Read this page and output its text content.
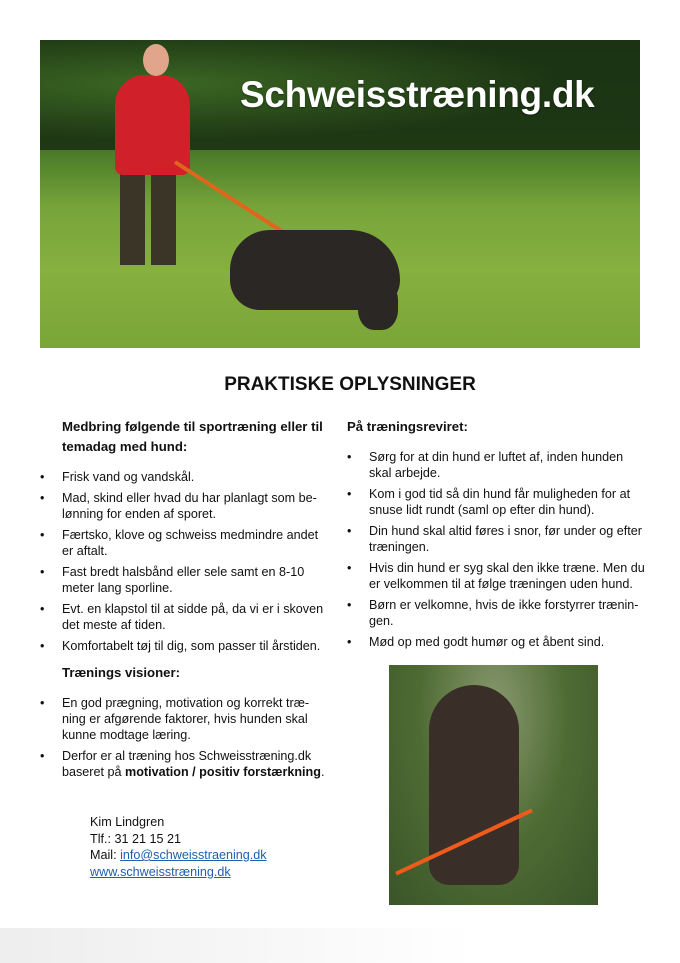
Schweisstræning.dk
PRAKTISKE OPLYSNINGER
Medbring følgende til sportræning eller til temadag med hund:
• Frisk vand og vandskål.
• Mad, skind eller hvad du har planlagt som be-
lønning for enden af sporet.
• Færtsko, klove og schweiss medmindre andet
er aftalt.
• Fast bredt halsbånd eller sele samt en 8-10
meter lang sporline.
• Evt. en klapstol til at sidde på, da vi er i skoven
det meste af tiden.
• Komfortabelt tøj til dig, som passer til årstiden.
På træningsreviret:
• Sørg for at din hund er luftet af, inden hunden
skal arbejde.
• Kom i god tid så din hund får muligheden for at
snuse lidt rundt (saml op efter din hund).
• Din hund skal altid føres i snor, før under og efter
træningen.
• Hvis din hund er syg skal den ikke træne. Men du
er velkommen til at følge træningen uden hund.
• Børn er velkomne, hvis de ikke forstyrrer trænin-
gen.
• Mød op med godt humør og et åbent sind.
Trænings visioner:
• En god prægning, motivation og korrekt træ-
ning er afgørende faktorer, hvis hunden skal
kunne modtage læring.
• Derfor er al træning hos Schweisstræning.dk
baseret på motivation / positiv forstærkning.
Kim Lindgren
Tlf.: 31 21 15 21
Mail: info@schweisstraening.dk
www.schweisstræning.dk
